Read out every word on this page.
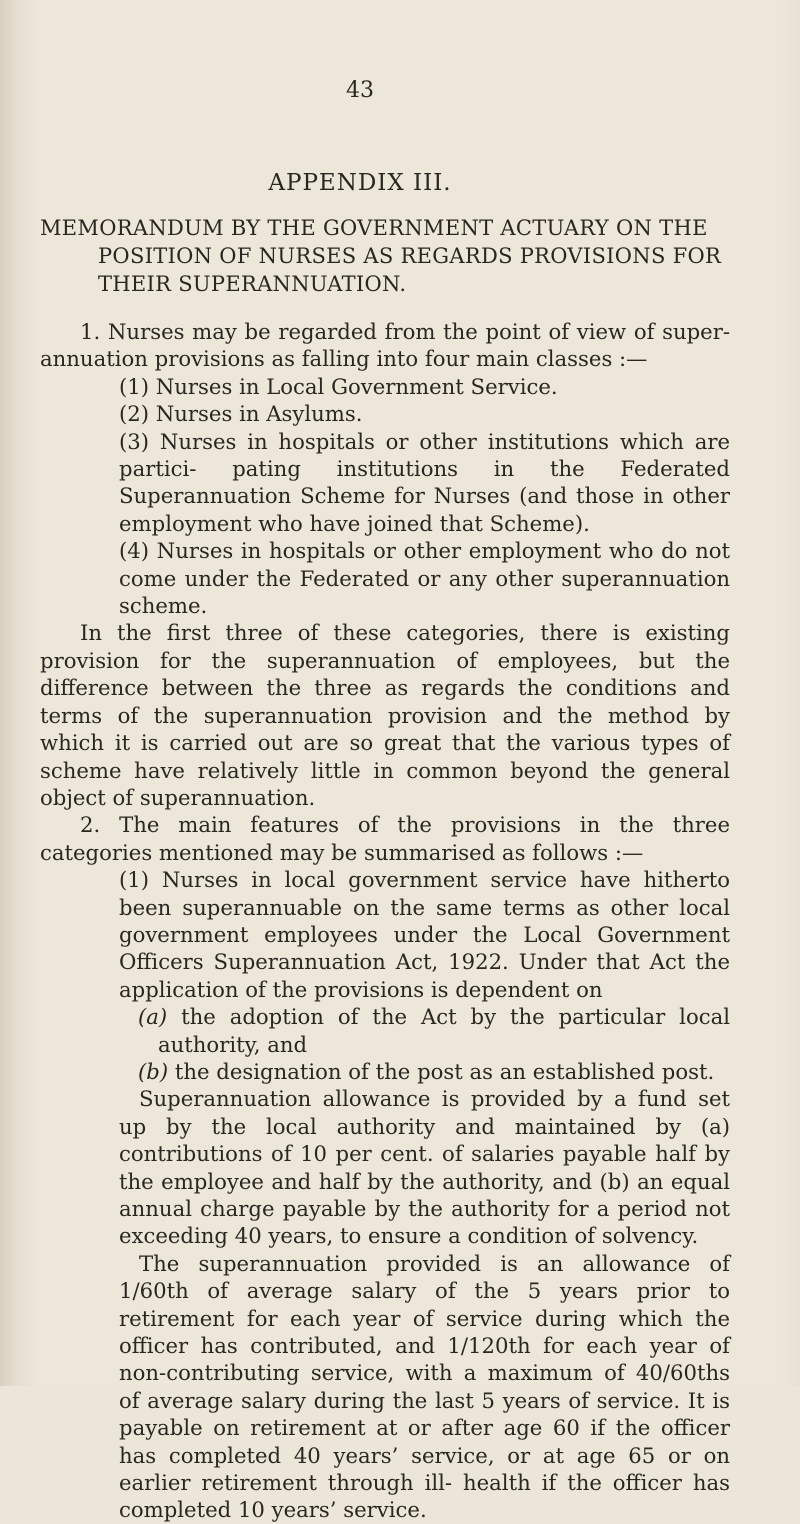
43
APPENDIX III.
MEMORANDUM BY THE GOVERNMENT ACTUARY ON THE
POSITION OF NURSES AS REGARDS PROVISIONS FOR
THEIR SUPERANNUATION.

1. Nurses may be regarded from the point of view of super- annuation provisions as falling into four main classes :—

(1) Nurses in Local Government Service.

(2) Nurses in Asylums.

(3) Nurses in hospitals or other institutions which are partici- pating institutions in the Federated Superannuation Scheme for Nurses (and those in other employment who have joined that Scheme).

(4) Nurses in hospitals or other employment who do not come under the Federated or any other superannuation scheme.

In the first three of these categories, there is existing provision for the superannuation of employees, but the difference between the three as regards the conditions and terms of the superannuation provision and the method by which it is carried out are so great that the various types of scheme have relatively little in common beyond the general object of superannuation.

2. The main features of the provisions in the three categories mentioned may be summarised as follows :—

(1) Nurses in local government service have hitherto been superannuable on the same terms as other local government employees under the Local Government Officers Superannuation Act, 1922. Under that Act the application of the provisions is dependent on

(a) the adoption of the Act by the particular local authority, and

(b) the designation of the post as an established post.

Superannuation allowance is provided by a fund set up by the local authority and maintained by (a) contributions of 10 per cent. of salaries payable half by the employee and half by the authority, and (b) an equal annual charge payable by the authority for a period not exceeding 40 years, to ensure a condition of solvency.

The superannuation provided is an allowance of 1/60th of average salary of the 5 years prior to retirement for each year of service during which the officer has contributed, and 1/120th for each year of non-contributing service, with a maximum of 40/60ths of average salary during the last 5 years of service. It is payable on retirement at or after age 60 if the officer has completed 40 years’ service, or at age 65 or on earlier retirement through ill- health if the officer has completed 10 years’ service.
